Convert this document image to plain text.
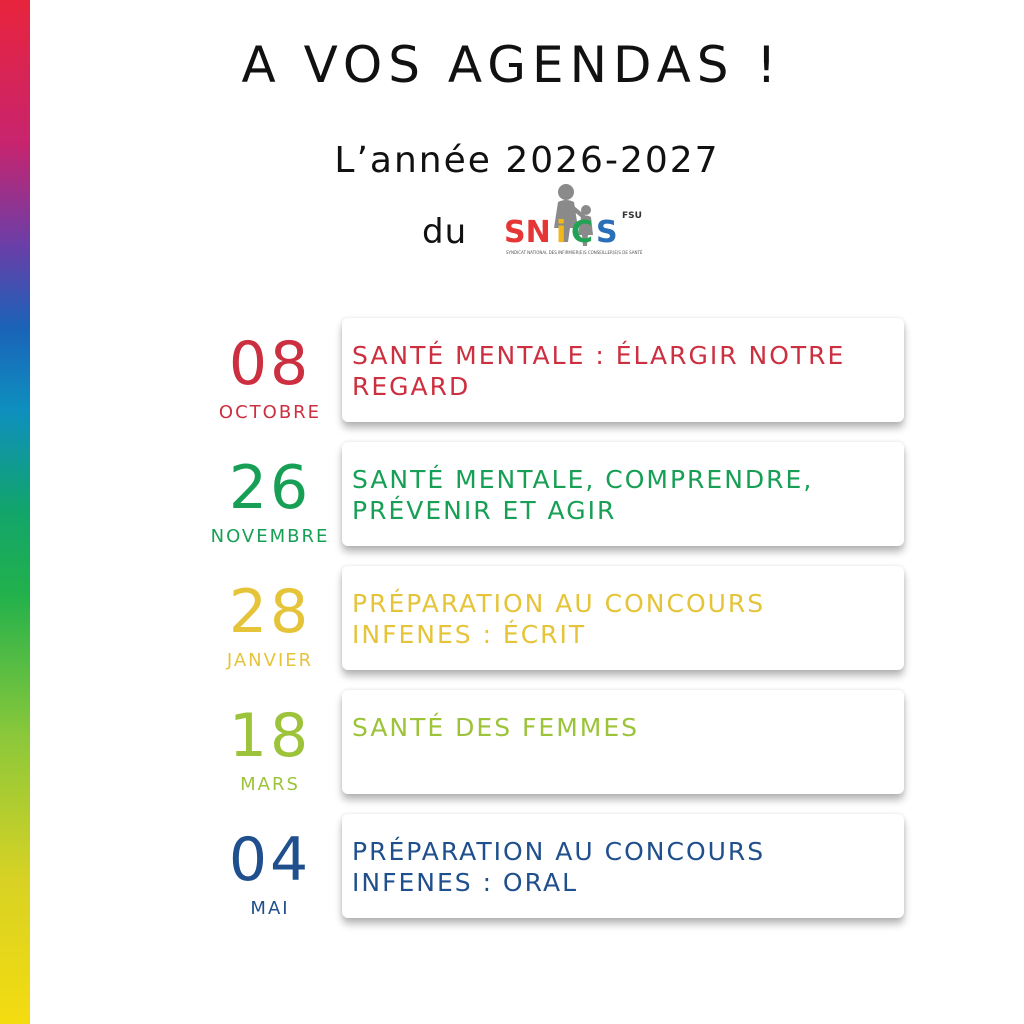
A VOS AGENDAS !
L’année 2026-2027
du SN i C S FSU
SYNDICAT NATIONAL DES INFIRMIER(E)S CONSEILLER(E)S DE SANTÉ
08
OCTOBRE
SANTÉ MENTALE : ÉLARGIR NOTRE REGARD
26
NOVEMBRE
SANTÉ MENTALE, COMPRENDRE, PRÉVENIR ET AGIR
28
JANVIER
PRÉPARATION AU CONCOURS INFENES : ÉCRIT
18
MARS
SANTÉ DES FEMMES
04
MAI
PRÉPARATION AU CONCOURS INFENES : ORAL
